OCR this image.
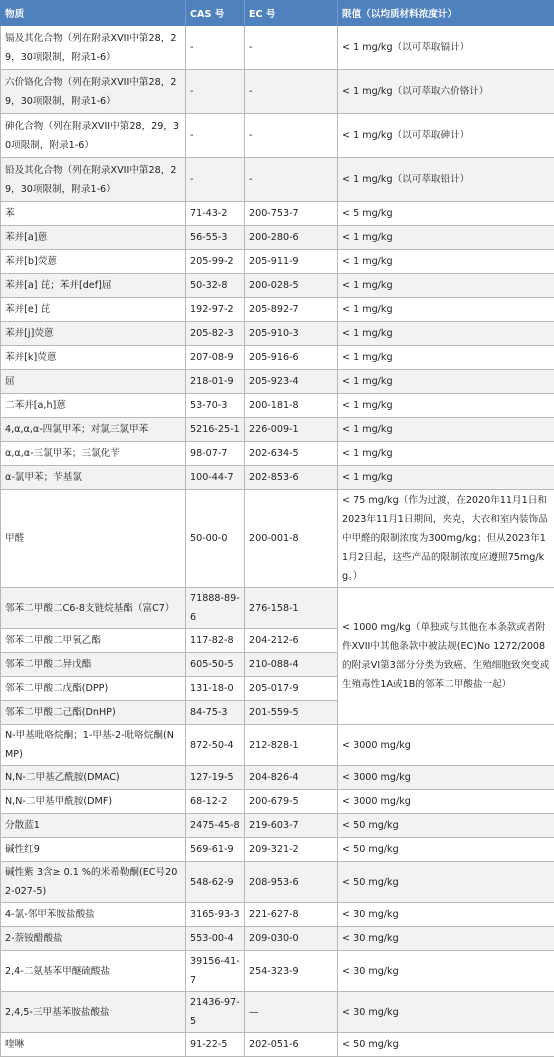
物质	CAS 号	EC 号	限值（以均质材料浓度计）
镉及其化合物（列在附录XVII中第28，29，30项限制，附录1-6）	-	-	< 1 mg/kg（以可萃取镉计）
六价铬化合物（列在附录XVII中第28，29，30项限制，附录1-6）	-	-	< 1 mg/kg（以可萃取六价铬计）
砷化合物（列在附录XVII中第28，29，30项限制，附录1-6）	-	-	< 1 mg/kg（以可萃取砷计）
铅及其化合物（列在附录XVII中第28，29，30项限制，附录1-6）	-	-	< 1 mg/kg（以可萃取铅计）
苯	71-43-2	200-753-7	< 5 mg/kg
苯并[a]蒽	56-55-3	200-280-6	< 1 mg/kg
苯并[b]荧蒽	205-99-2	205-911-9	< 1 mg/kg
苯并[a] 芘；苯并[def]屈	50-32-8	200-028-5	< 1 mg/kg
苯并[e] 芘	192-97-2	205-892-7	< 1 mg/kg
苯并[j]荧蒽	205-82-3	205-910-3	< 1 mg/kg
苯并[k]荧蒽	207-08-9	205-916-6	< 1 mg/kg
屈	218-01-9	205-923-4	< 1 mg/kg
二苯并[a,h]蒽	53-70-3	200-181-8	< 1 mg/kg
4,α,α,α-四氯甲苯；对氯三氯甲苯	5216-25-1	226-009-1	< 1 mg/kg
α,α,α-三氯甲苯；三氯化苄	98-07-7	202-634-5	< 1 mg/kg
α-氯甲苯；苄基氯	100-44-7	202-853-6	< 1 mg/kg
甲醛	50-00-0	200-001-8	< 75 mg/kg（作为过渡，在2020年11月1日和2023年11月1日期间，夹克，大衣和室内装饰品中甲醛的限制浓度为300mg/kg；但从2023年11月2日起，这些产品的限制浓度应遵照75mg/kg。）
邻苯二甲酸二C6-8支链烷基酯（富C7）	71888-89-6	276-158-1	< 1000 mg/kg（单独或与其他在本条款或者附件XVII中其他条款中被法规(EC)No 1272/2008的附录VI第3部分分类为致癌、生殖细胞致突变或生殖毒性1A或1B的邻苯二甲酸盐一起）
邻苯二甲酸二甲氧乙酯	117-82-8	204-212-6	
邻苯二甲酸二异戊酯	605-50-5	210-088-4	
邻苯二甲酸二戊酯(DPP)	131-18-0	205-017-9	
邻苯二甲酸二己酯(DnHP)	84-75-3	201-559-5	
N-甲基吡咯烷酮；1-甲基-2-吡咯烷酮(NMP)	872-50-4	212-828-1	< 3000 mg/kg
N,N-二甲基乙酰胺(DMAC)	127-19-5	204-826-4	< 3000 mg/kg
N,N-二甲基甲酰胺(DMF)	68-12-2	200-679-5	< 3000 mg/kg
分散蓝1	2475-45-8	219-603-7	< 50 mg/kg
碱性红9	569-61-9	209-321-2	< 50 mg/kg
碱性紫 3含≥ 0.1 %的米希勒酮(EC号202-027-5)	548-62-9	208-953-6	< 50 mg/kg
4-氯-邻甲苯胺盐酸盐	3165-93-3	221-627-8	< 30 mg/kg
2-萘铵醋酸盐	553-00-4	209-030-0	< 30 mg/kg
2,4-二氨基苯甲醚硫酸盐	39156-41-7	254-323-9	< 30 mg/kg
2,4,5-三甲基苯胺盐酸盐	21436-97-5	—	< 30 mg/kg
喹啉	91-22-5	202-051-6	< 50 mg/kg
